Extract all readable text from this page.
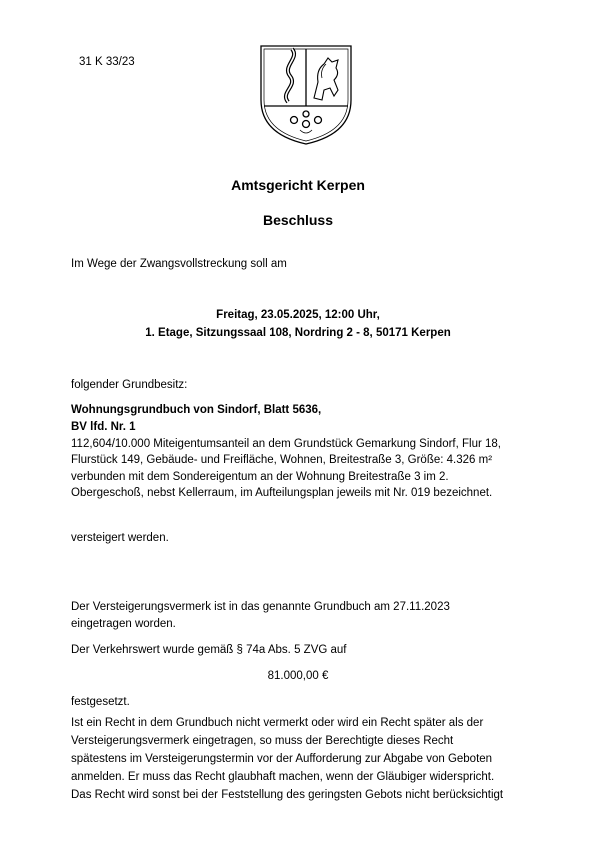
31 K 33/23
Amtsgericht Kerpen
Beschluss
Im Wege der Zwangsvollstreckung soll am
Freitag, 23.05.2025, 12:00 Uhr,
1. Etage, Sitzungssaal 108, Nordring 2 - 8, 50171 Kerpen
folgender Grundbesitz:
Wohnungsgrundbuch von Sindorf, Blatt 5636,
BV lfd. Nr. 1
112,604/10.000 Miteigentumsanteil an dem Grundstück Gemarkung Sindorf, Flur 18,
Flurstück 149, Gebäude- und Freifläche, Wohnen, Breitestraße 3, Größe: 4.326 m²
verbunden mit dem Sondereigentum an der Wohnung Breitestraße 3 im 2.
Obergeschoß, nebst Kellerraum, im Aufteilungsplan jeweils mit Nr. 019 bezeichnet.
versteigert werden.
Der Versteigerungsvermerk ist in das genannte Grundbuch am 27.11.2023
eingetragen worden.
Der Verkehrswert wurde gemäß § 74a Abs. 5 ZVG auf
81.000,00 €
festgesetzt.
Ist ein Recht in dem Grundbuch nicht vermerkt oder wird ein Recht später als der
Versteigerungsvermerk eingetragen, so muss der Berechtigte dieses Recht
spätestens im Versteigerungstermin vor der Aufforderung zur Abgabe von Geboten
anmelden. Er muss das Recht glaubhaft machen, wenn der Gläubiger widerspricht.
Das Recht wird sonst bei der Feststellung des geringsten Gebots nicht berücksichtigt
